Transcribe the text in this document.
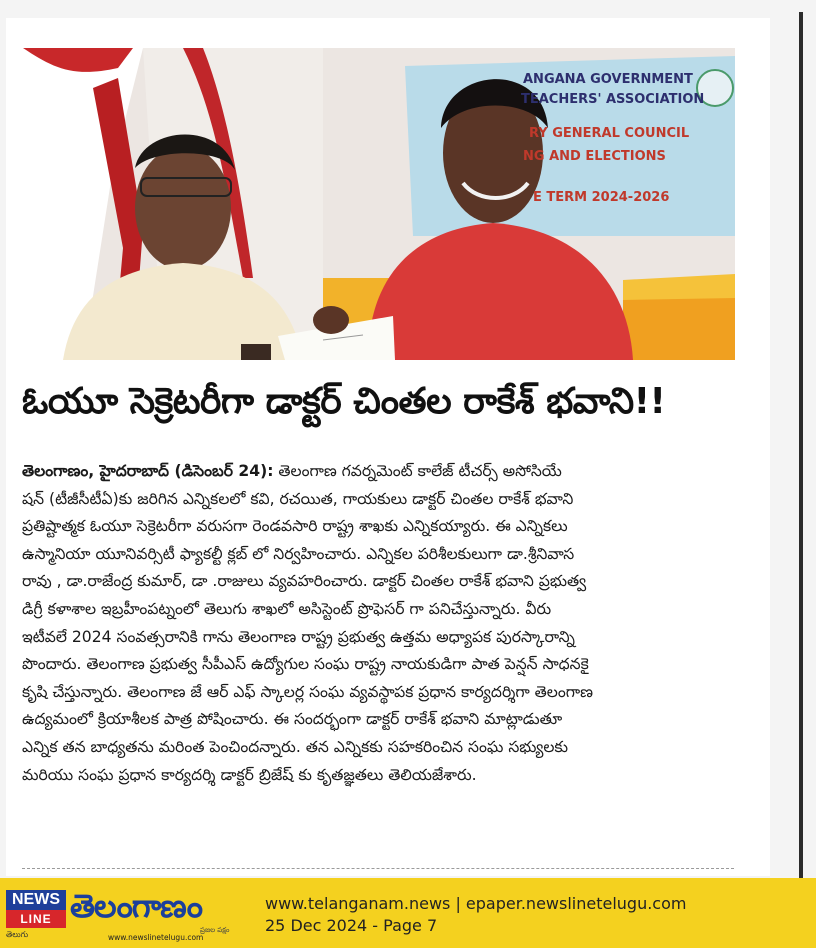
ANGANA GOVERNMENT
TEACHERS' ASSOCIATION
RY GENERAL COUNCIL
NG AND ELECTIONS
E TERM 2024-2026
ఓయూ సెక్రెటరీగా డాక్టర్ చింతల రాకేశ్ భవాని!!
తెలంగాణం, హైదరాబాద్ (డిసెంబర్ 24): తెలంగాణ గవర్నమెంట్ కాలేజ్ టీచర్స్ అసోసియే
షన్ (టీజీసీటీఏ)కు జరిగిన ఎన్నికలలో కవి, రచయిత, గాయకులు డాక్టర్ చింతల రాకేశ్ భవాని
ప్రతిష్టాత్మక ఓయూ సెక్రెటరీగా వరుసగా రెండవసారి రాష్ట్ర శాఖకు ఎన్నికయ్యారు. ఈ ఎన్నికలు
ఉస్మానియా యూనివర్సిటీ ఫ్యాకల్టీ క్లబ్ లో నిర్వహించారు. ఎన్నికల పరిశీలకులుగా డా.శ్రీనివాస
రావు , డా.రాజేంద్ర కుమార్, డా .రాజులు వ్యవహరించారు. డాక్టర్ చింతల రాకేశ్ భవాని ప్రభుత్వ
డిగ్రీ కళాశాల ఇబ్రహీంపట్నంలో తెలుగు శాఖలో అసిస్టెంట్ ప్రొఫెసర్ గా పనిచేస్తున్నారు. వీరు
ఇటీవలే 2024 సంవత్సరానికి గాను తెలంగాణ రాష్ట్ర ప్రభుత్వ ఉత్తమ అధ్యాపక పురస్కారాన్ని
పొందారు. తెలంగాణ ప్రభుత్వ సీపీఎస్ ఉద్యోగుల సంఘ రాష్ట్ర నాయకుడిగా పాత పెన్షన్ సాధనకై
కృషి చేస్తున్నారు. తెలంగాణ జే ఆర్ ఎఫ్ స్కాలర్ల సంఘ వ్యవస్థాపక ప్రధాన కార్యదర్శిగా తెలంగాణ
ఉద్యమంలో క్రియాశీలక పాత్ర పోషించారు. ఈ సందర్భంగా డాక్టర్ రాకేశ్ భవాని మాట్లాడుతూ
ఎన్నిక తన బాధ్యతను మరింత పెంచిందన్నారు. తన ఎన్నికకు సహకరించిన సంఘ సభ్యులకు
మరియు సంఘ ప్రధాన కార్యదర్శి డాక్టర్ బ్రిజేష్ కు కృతజ్ఞతలు తెలియజేశారు.
NEWS
LINE
తెలుగు
తెలంగాణం
ప్రజల పక్షం
www.newslinetelugu.com
www.telanganam.news | epaper.newslinetelugu.com
25 Dec 2024 - Page 7
